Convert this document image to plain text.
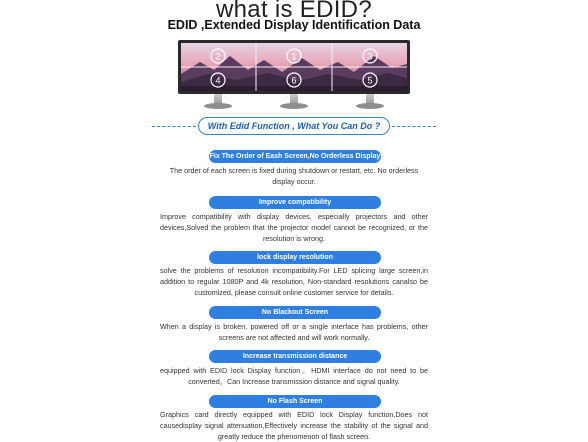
what is EDID?
EDID ,Extended Display Identification Data
2	1	3
4	6	5
With Edid Function , What You Can Do ?
Fix The Order of Eash Screen,No Orderless Display
The order of each screen is fixed during shutdown or restart, etc. No orderless display occur.
Improve compatibility
Improve compatibility with display devices, especially projectors and other devices,Solved the problem that the projector model cannot be recognized, or the resolution is wrong.
lock display resolution
solve the problems of resolution incompatibility.For LED splicing large screen,in addition to regular 1080P and 4k resolution, Non-standard resolutions canalso be customized, please consult online customer service for details.
No Blackout Screen
When a display is broken, powered off or a single interface has problems, other screens are not affected and will work normally.
Increase transmission distance
equipped with EDID lock Display function。HDMI interface do not need to be converted。Can Increase transmission distance and signal quality.
No Flash Screen
Graphics card directly equipped with EDID lock Display function,Does not causedisplay signal attenuation,Effectively increase the stability of the signal and greatly reduce the phenomenon of flash screen.
